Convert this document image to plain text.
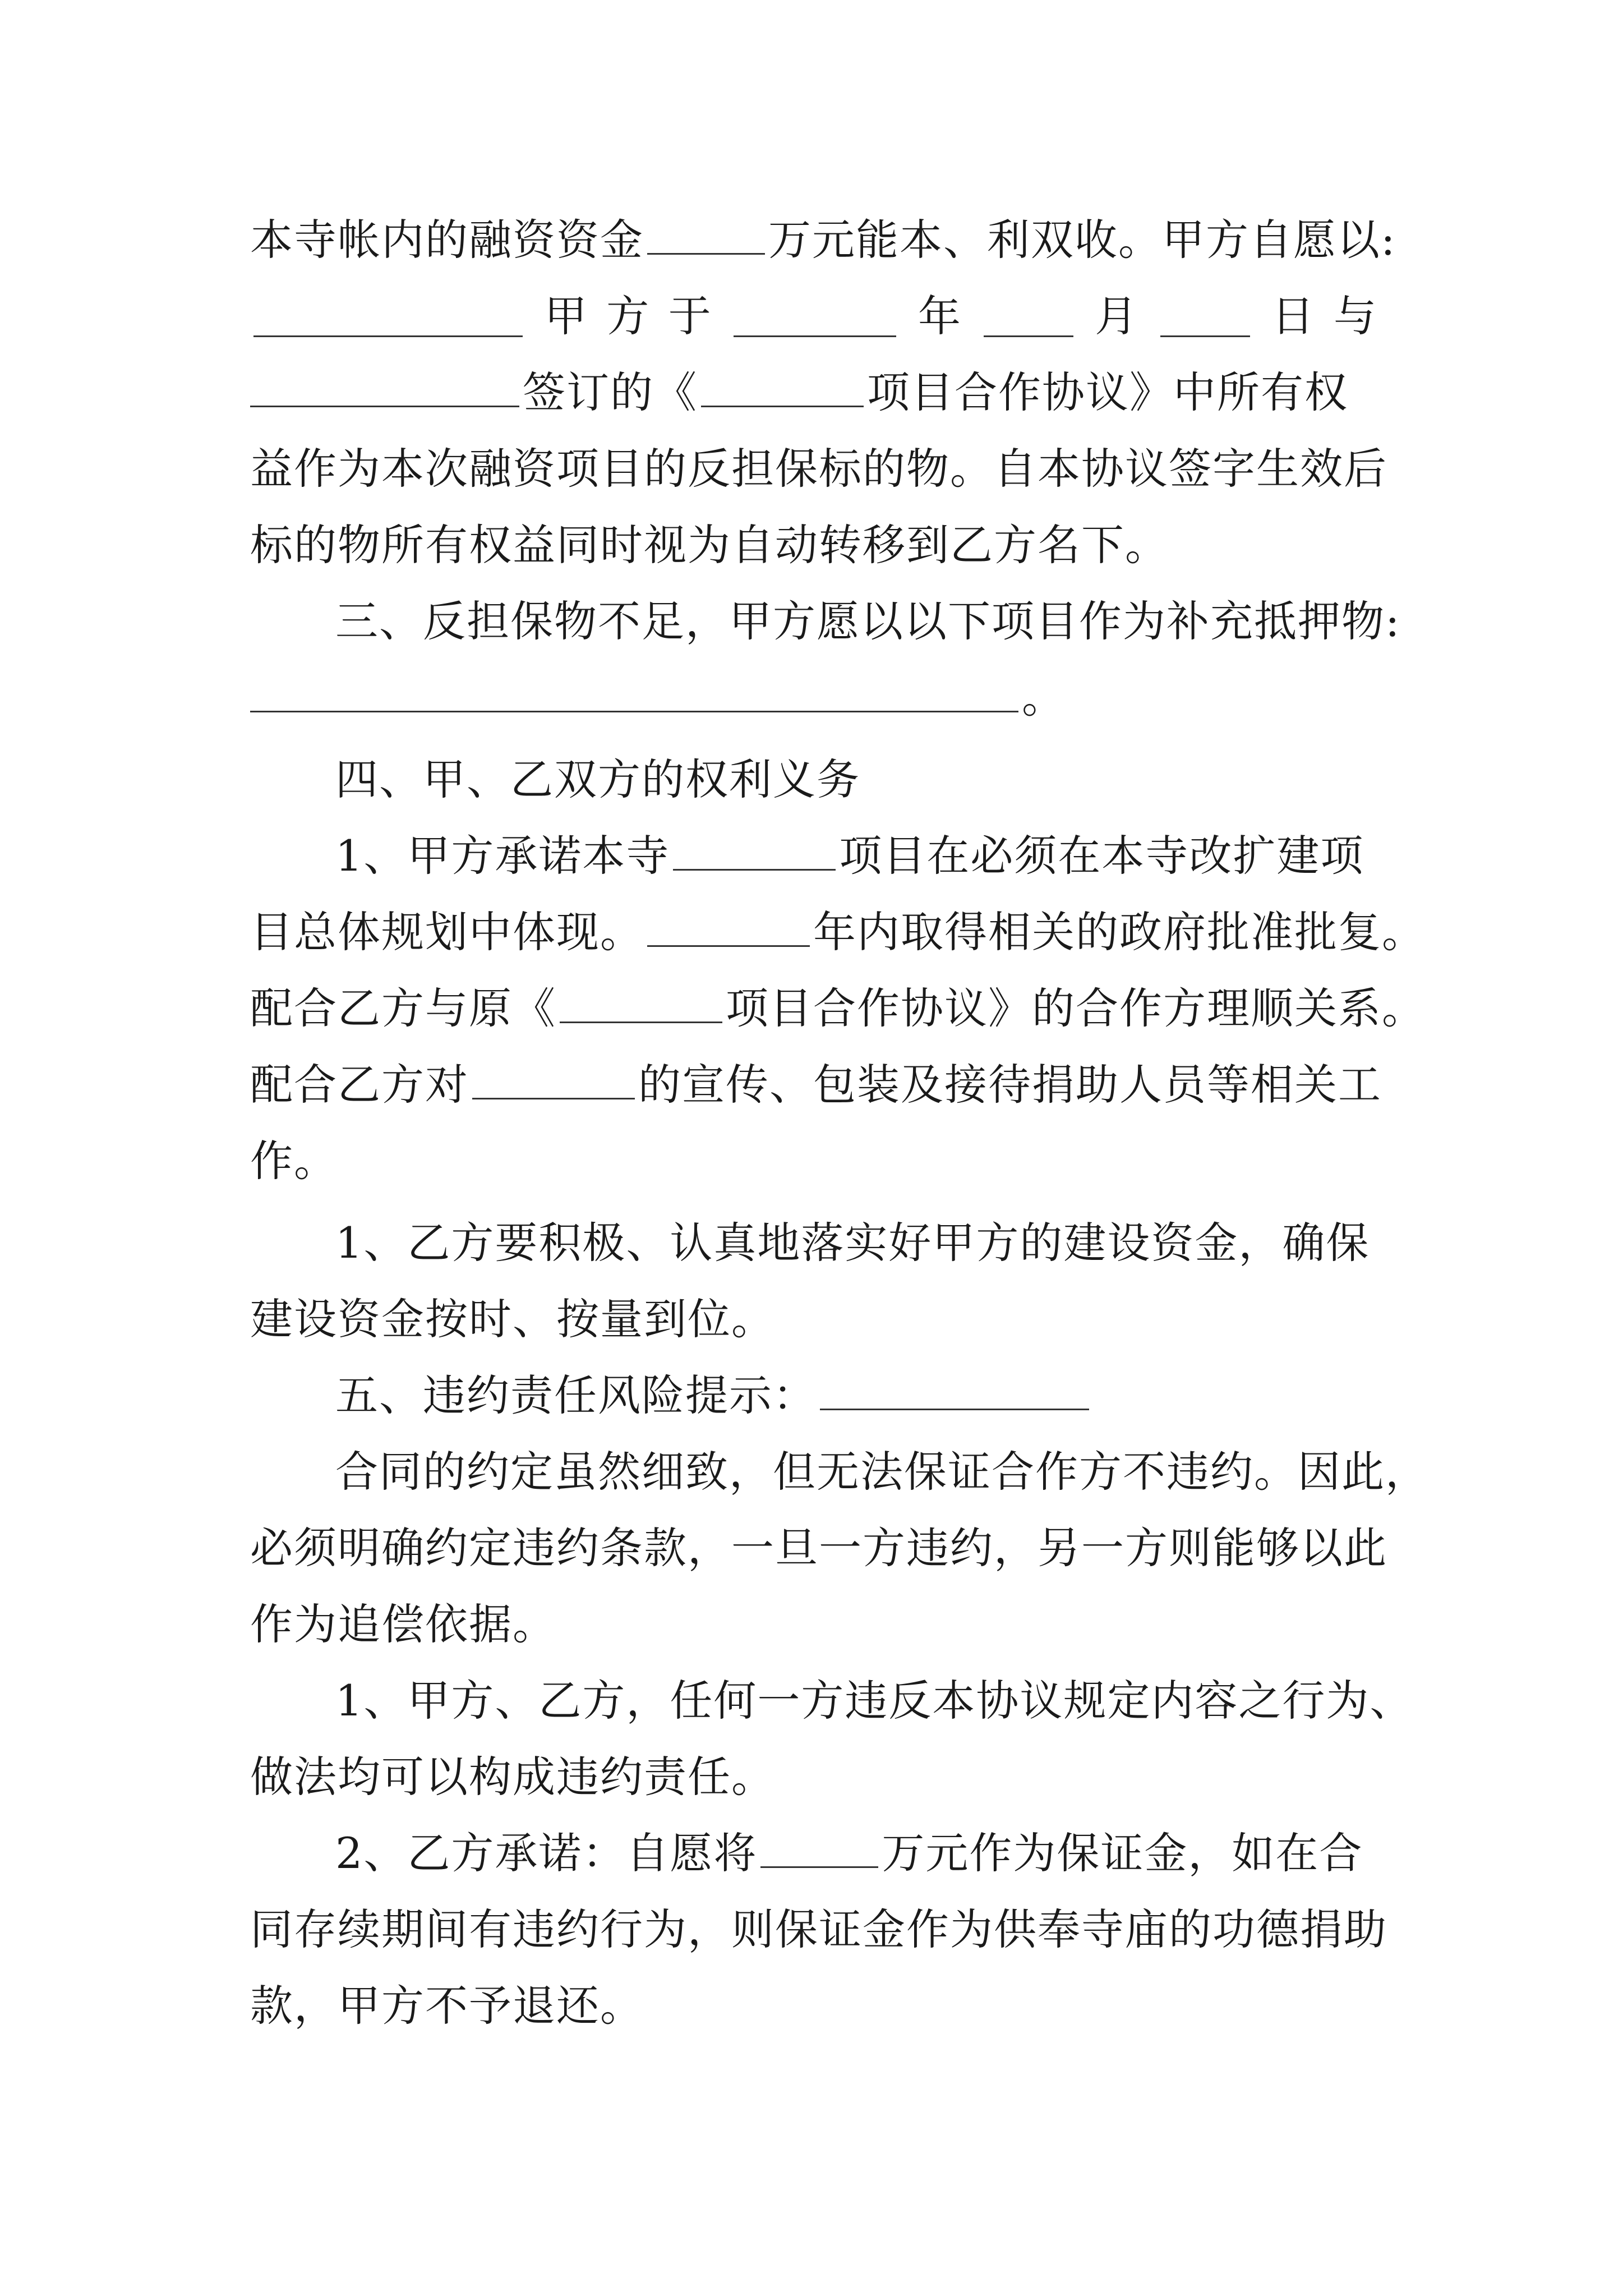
本寺帐内的融资资金	万元能本、利双收。甲方自愿以:
甲 方 于	年	月	日 与
签订的《	项目合作协议》中所有权
益作为本次融资项目的反担保标的物。自本协议签字生效后
标的物所有权益同时视为自动转移到乙方名下。
三、反担保物不足，甲方愿以以下项目作为补充抵押物:
。
四、甲、乙双方的权利义务
1、甲方承诺本寺	项目在必须在本寺改扩建项
目总体规划中体现。	年内取得相关的政府批准批复。
配合乙方与原《	项目合作协议》的合作方理顺关系。
配合乙方对	的宣传、包装及接待捐助人员等相关工
作。
1、乙方要积极、认真地落实好甲方的建设资金，确保
建设资金按时、按量到位。
五、违约责任风险提示：
合同的约定虽然细致，但无法保证合作方不违约。因此，
必须明确约定违约条款，一旦一方违约，另一方则能够以此
作为追偿依据。
1、甲方、乙方，任何一方违反本协议规定内容之行为、
做法均可以构成违约责任。
2、乙方承诺：自愿将	万元作为保证金，如在合
同存续期间有违约行为，则保证金作为供奉寺庙的功德捐助
款，甲方不予退还。
